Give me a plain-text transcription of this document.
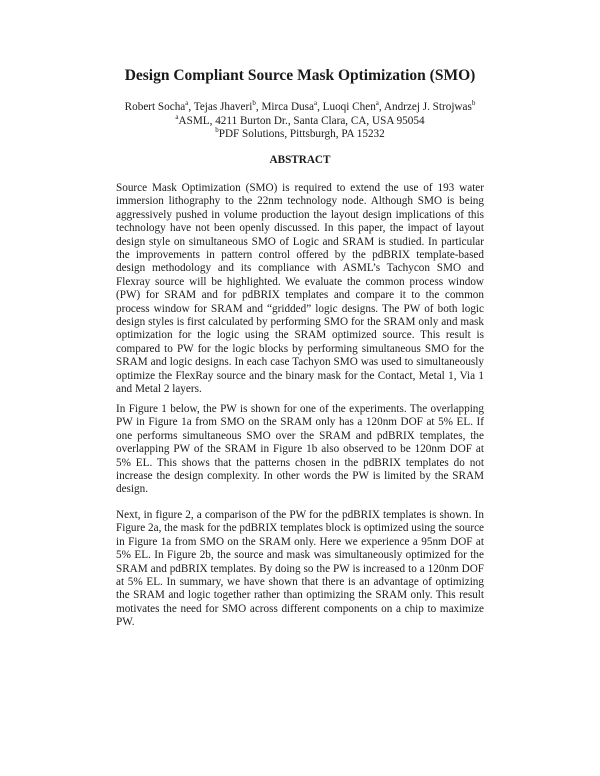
Design Compliant Source Mask Optimization (SMO)
Robert Socha$^a$, Tejas Jhaveri$^b$, Mirca Dusa$^a$, Luoqi Chen$^a$, Andrzej J. Strojwas$^b$
$^a$ASML, 4211 Burton Dr., Santa Clara, CA, USA 95054
$^b$PDF Solutions, Pittsburgh, PA 15232
ABSTRACT

Source Mask Optimization (SMO) is required to extend the use of 193 water immersion lithography to the 22nm technology node. Although SMO is being aggressively pushed in volume production the layout design implications of this technology have not been openly discussed. In this paper, the impact of layout design style on simultaneous SMO of Logic and SRAM is studied. In particular the improvements in pattern control offered by the pdBRIX template-based design methodology and its compliance with ASML’s Tachycon SMO and Flexray source will be highlighted. We evaluate the common process window (PW) for SRAM and for pdBRIX templates and compare it to the common process window for SRAM and “gridded” logic designs. The PW of both logic design styles is first calculated by performing SMO for the SRAM only and mask optimization for the logic using the SRAM optimized source. This result is compared to PW for the logic blocks by performing simultaneous SMO for the SRAM and logic designs. In each case Tachyon SMO was used to simultaneously optimize the FlexRay source and the binary mask for the Contact, Metal 1, Via 1 and Metal 2 layers.

In Figure 1 below, the PW is shown for one of the experiments. The overlapping PW in Figure 1a from SMO on the SRAM only has a 120nm DOF at 5% EL. If one performs simultaneous SMO over the SRAM and pdBRIX templates, the overlapping PW of the SRAM in Figure 1b also observed to be 120nm DOF at 5% EL. This shows that the patterns chosen in the pdBRIX templates do not increase the design complexity. In other words the PW is limited by the SRAM design.

Next, in figure 2, a comparison of the PW for the pdBRIX templates is shown. In Figure 2a, the mask for the pdBRIX templates block is optimized using the source in Figure 1a from SMO on the SRAM only. Here we experience a 95nm DOF at 5% EL. In Figure 2b, the source and mask was simultaneously optimized for the SRAM and pdBRIX templates. By doing so the PW is increased to a 120nm DOF at 5% EL. In summary, we have shown that there is an advantage of optimizing the SRAM and logic together rather than optimizing the SRAM only. This result motivates the need for SMO across different components on a chip to maximize PW.
